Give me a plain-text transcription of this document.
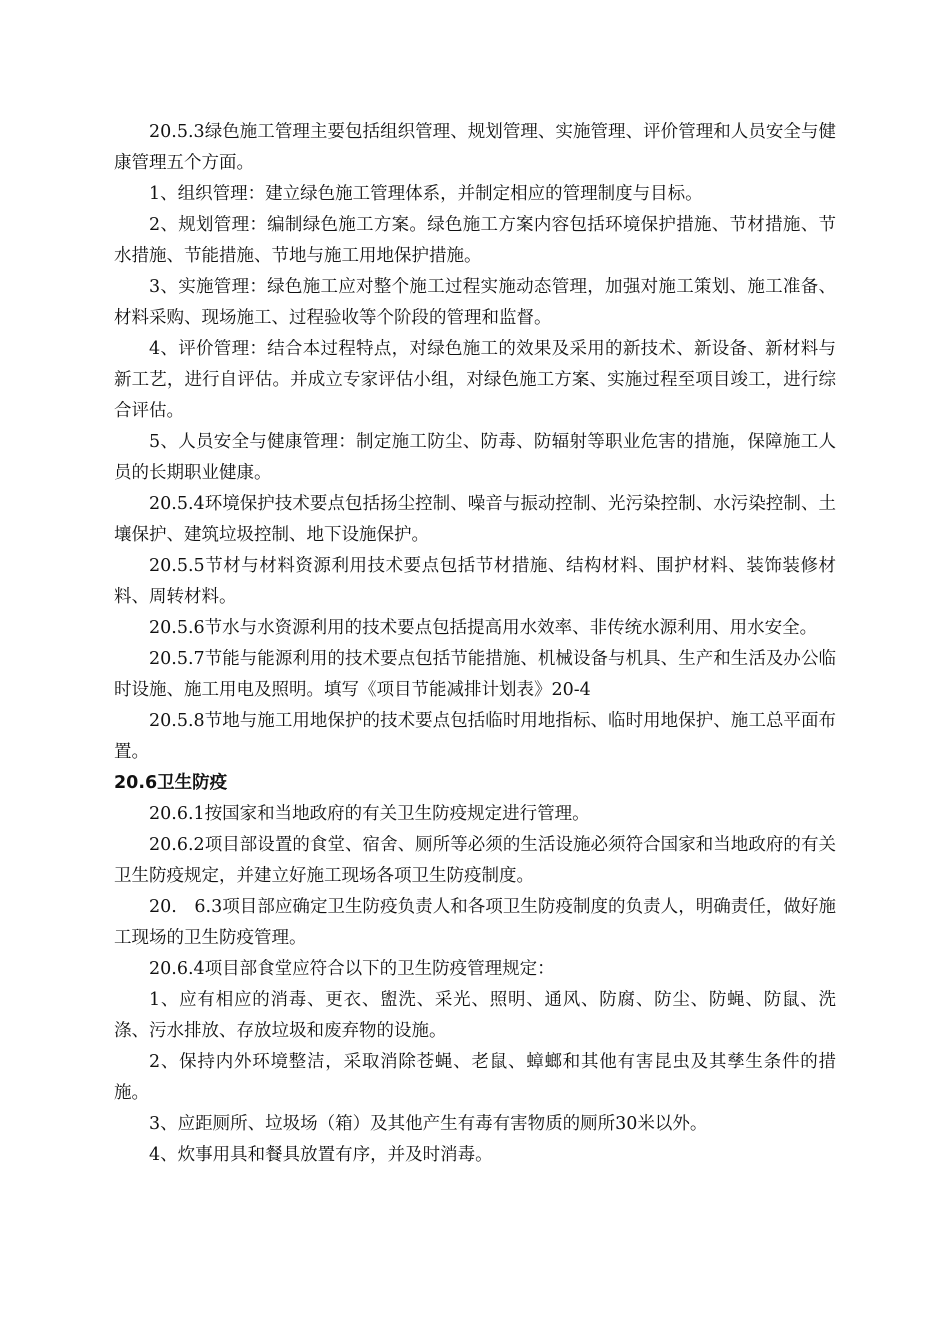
20.5.3绿色施工管理主要包括组织管理、规划管理、实施管理、评价管理和人员安全与健康管理五个方面。

1、组织管理：建立绿色施工管理体系，并制定相应的管理制度与目标。

2、规划管理：编制绿色施工方案。绿色施工方案内容包括环境保护措施、节材措施、节水措施、节能措施、节地与施工用地保护措施。

3、实施管理：绿色施工应对整个施工过程实施动态管理，加强对施工策划、施工准备、材料采购、现场施工、过程验收等个阶段的管理和监督。

4、评价管理：结合本过程特点，对绿色施工的效果及采用的新技术、新设备、新材料与新工艺，进行自评估。并成立专家评估小组，对绿色施工方案、实施过程至项目竣工，进行综合评估。

5、人员安全与健康管理：制定施工防尘、防毒、防辐射等职业危害的措施，保障施工人员的长期职业健康。

20.5.4环境保护技术要点包括扬尘控制、噪音与振动控制、光污染控制、水污染控制、土壤保护、建筑垃圾控制、地下设施保护。

20.5.5节材与材料资源利用技术要点包括节材措施、结构材料、围护材料、装饰装修材料、周转材料。

20.5.6节水与水资源利用的技术要点包括提高用水效率、非传统水源利用、用水安全。

20.5.7节能与能源利用的技术要点包括节能措施、机械设备与机具、生产和生活及办公临时设施、施工用电及照明。填写《项目节能减排计划表》20-4

20.5.8节地与施工用地保护的技术要点包括临时用地指标、临时用地保护、施工总平面布置。

20.6卫生防疫

20.6.1按国家和当地政府的有关卫生防疫规定进行管理。

20.6.2项目部设置的食堂、宿舍、厕所等必须的生活设施必须符合国家和当地政府的有关卫生防疫规定，并建立好施工现场各项卫生防疫制度。

20.　6.3项目部应确定卫生防疫负责人和各项卫生防疫制度的负责人，明确责任，做好施工现场的卫生防疫管理。

20.6.4项目部食堂应符合以下的卫生防疫管理规定：

1、应有相应的消毒、更衣、盥洗、采光、照明、通风、防腐、防尘、防蝇、防鼠、洗涤、污水排放、存放垃圾和废弃物的设施。

2、保持内外环境整洁，采取消除苍蝇、老鼠、蟑螂和其他有害昆虫及其孳生条件的措施。

3、应距厕所、垃圾场（箱）及其他产生有毒有害物质的厕所30米以外。

4、炊事用具和餐具放置有序，并及时消毒。
